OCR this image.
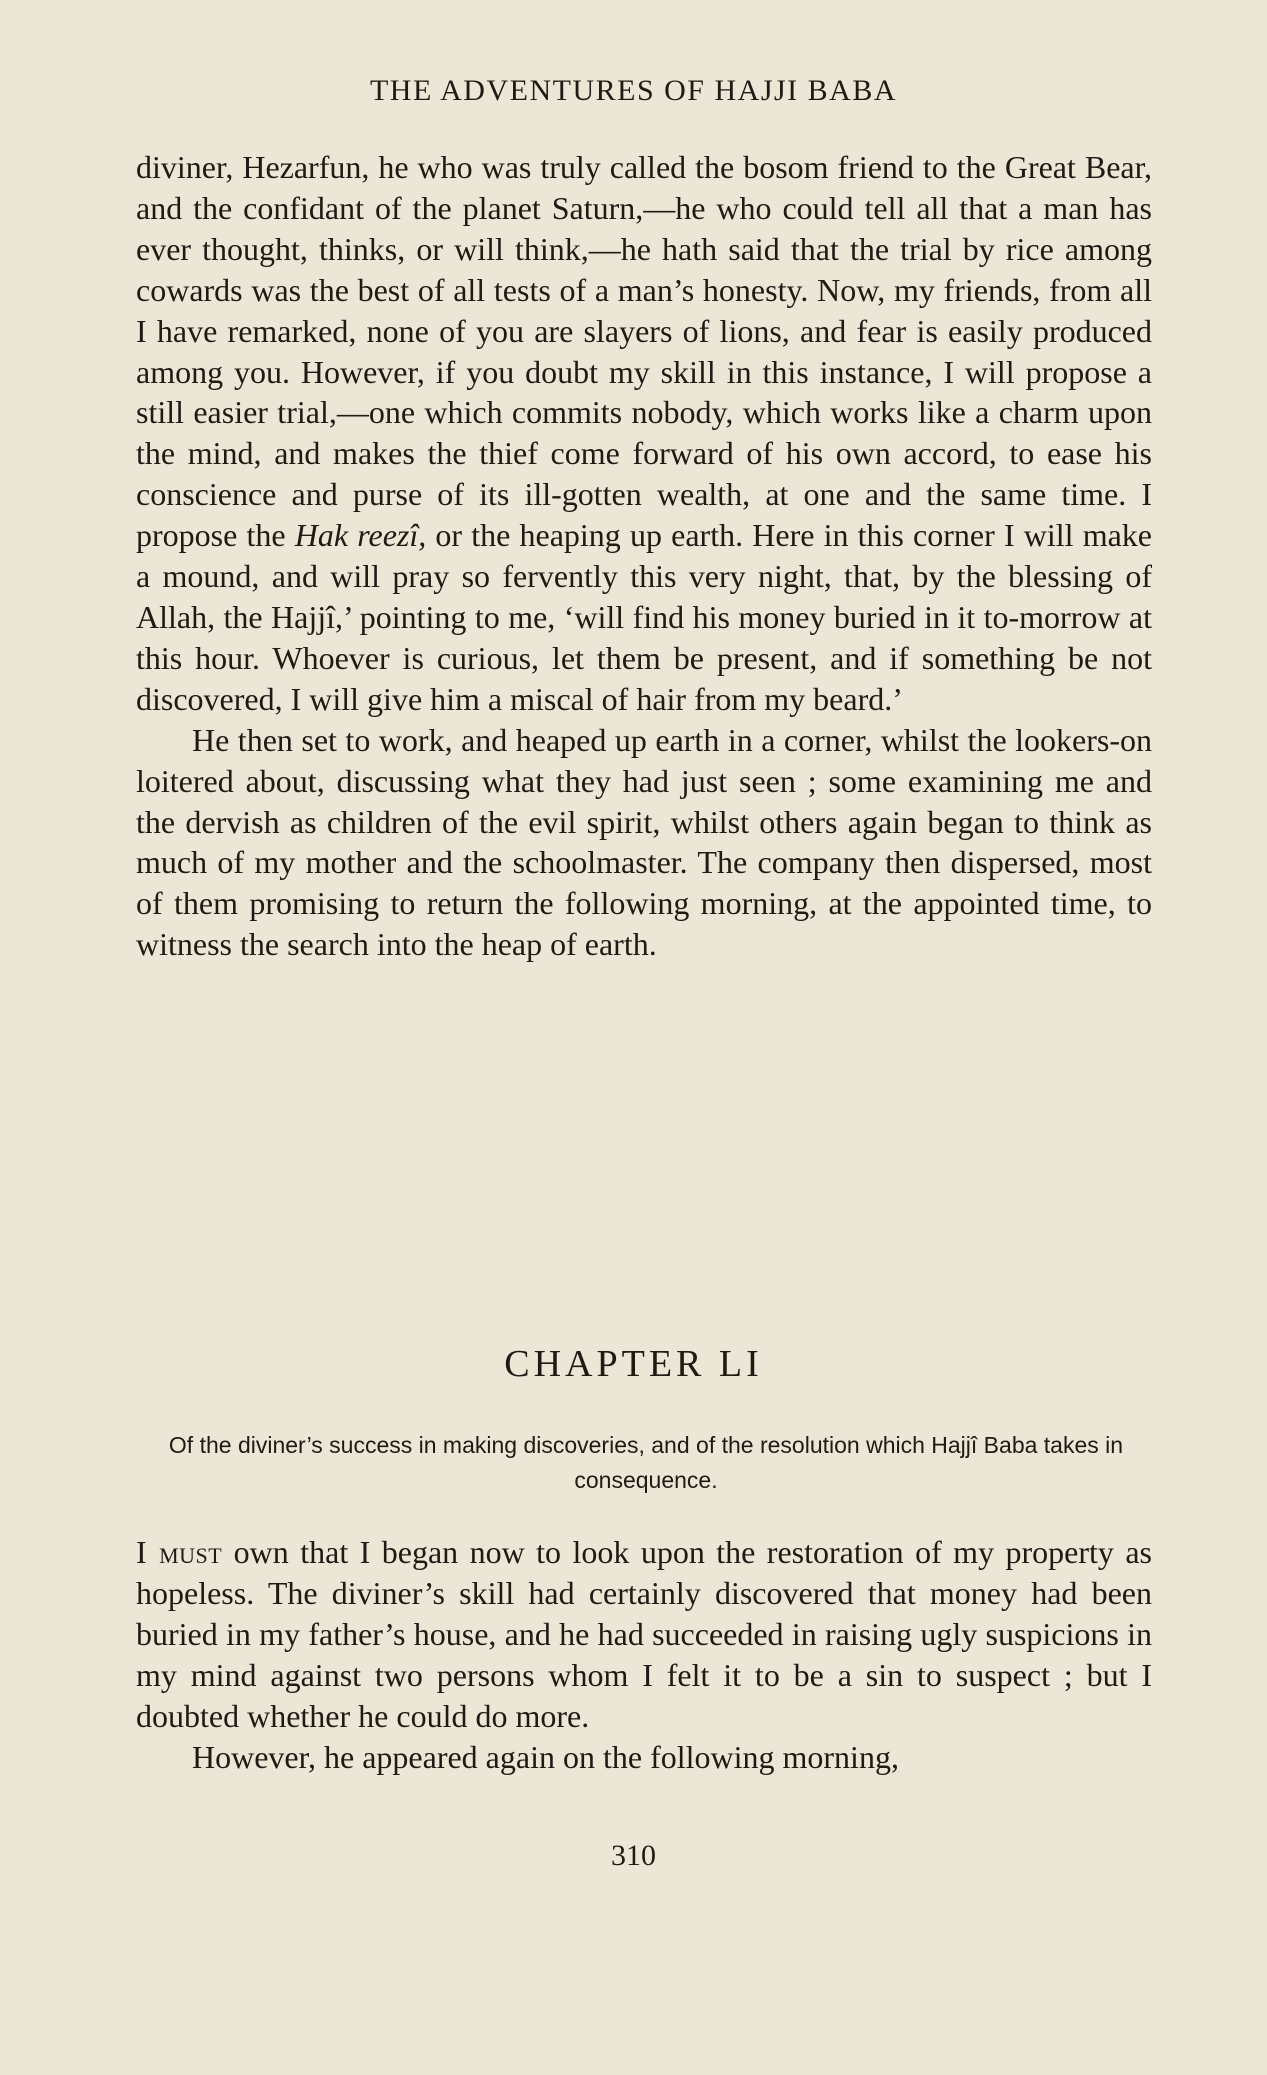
THE ADVENTURES OF HAJJI BABA

diviner, Hezarfun, he who was truly called the bosom friend to the Great Bear, and the confidant of the planet Saturn,—he who could tell all that a man has ever thought, thinks, or will think,—he hath said that the trial by rice among cowards was the best of all tests of a man’s honesty. Now, my friends, from all I have remarked, none of you are slayers of lions, and fear is easily produced among you. However, if you doubt my skill in this instance, I will propose a still easier trial,—one which commits nobody, which works like a charm upon the mind, and makes the thief come forward of his own accord, to ease his conscience and purse of its ill-gotten wealth, at one and the same time. I propose the Hak reezî, or the heaping up earth. Here in this corner I will make a mound, and will pray so fervently this very night, that, by the blessing of Allah, the Hajjî,’ pointing to me, ‘will find his money buried in it to-morrow at this hour. Whoever is curious, let them be present, and if something be not discovered, I will give him a miscal of hair from my beard.’

He then set to work, and heaped up earth in a corner, whilst the lookers-on loitered about, discussing what they had just seen ; some examining me and the dervish as children of the evil spirit, whilst others again began to think as much of my mother and the schoolmaster. The company then dispersed, most of them promising to return the following morning, at the appointed time, to witness the search into the heap of earth.

CHAPTER LI
Of the diviner’s success in making discoveries, and of the resolution which Hajjî Baba takes in consequence.

I must own that I began now to look upon the restoration of my property as hopeless. The diviner’s skill had certainly discovered that money had been buried in my father’s house, and he had succeeded in raising ugly suspicions in my mind against two persons whom I felt it to be a sin to suspect ; but I doubted whether he could do more.

However, he appeared again on the following morning,

310
